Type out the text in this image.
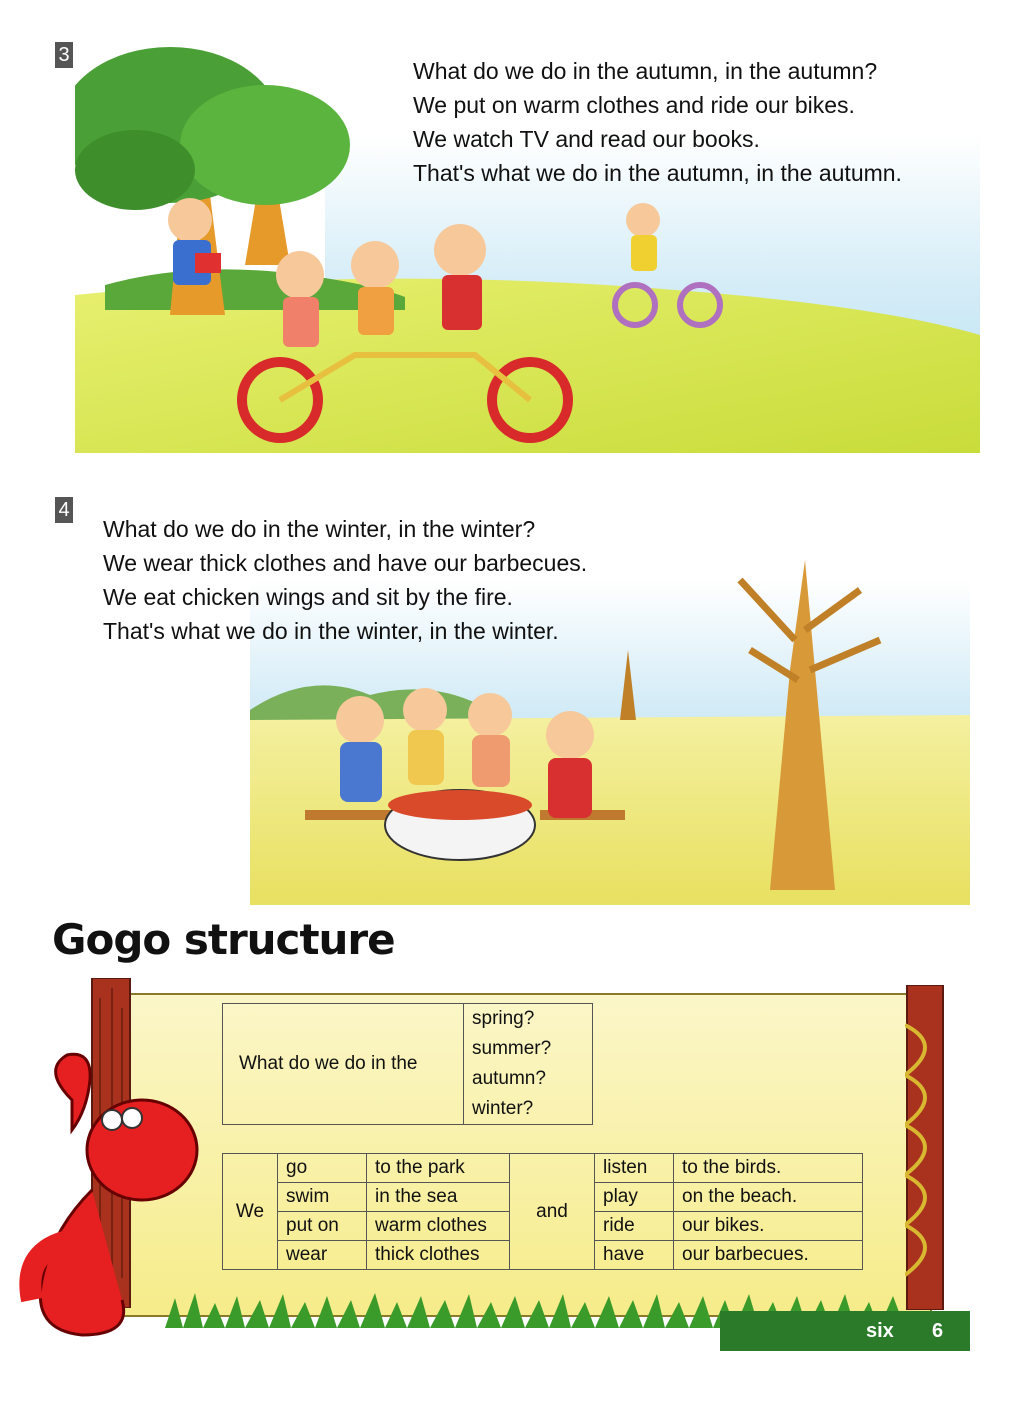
3
What do we do in the autumn, in the autumn?
We put on warm clothes and ride our bikes.
We watch TV and read our books.
That's what we do in the autumn, in the autumn.
4
What do we do in the winter, in the winter?
We wear thick clothes and have our barbecues.
We eat chicken wings and sit by the fire.
That's what we do in the winter, in the winter.
Gogo structure
What do we do in the	spring?
summer?
autumn?
winter?
We	go	to the park	and	listen	to the birds.
	swim	in the sea		play	on the beach.
	put on	warm clothes		ride	our bikes.
	wear	thick clothes		have	our barbecues.
six 6
